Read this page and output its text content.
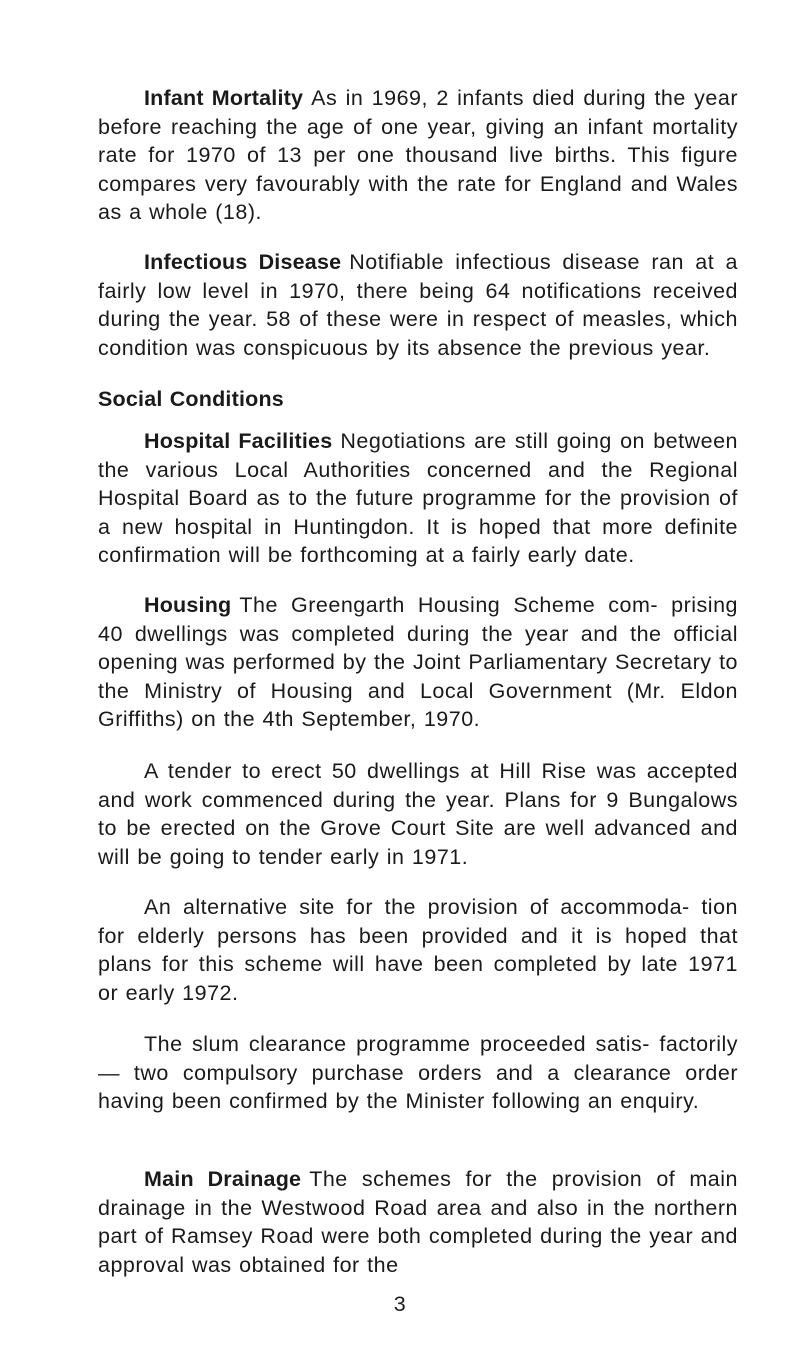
Infant Mortality As in 1969, 2 infants died during the year before reaching the age of one year, giving an infant mortality rate for 1970 of 13 per one thousand live births. This figure compares very favourably with the rate for England and Wales as a whole (18).

Infectious Disease Notifiable infectious disease ran at a fairly low level in 1970, there being 64 notifications received during the year. 58 of these were in respect of measles, which condition was conspicuous by its absence the previous year.

Social Conditions

Hospital Facilities Negotiations are still going on between the various Local Authorities concerned and the Regional Hospital Board as to the future programme for the provision of a new hospital in Huntingdon. It is hoped that more definite confirmation will be forthcoming at a fairly early date.

Housing The Greengarth Housing Scheme com- prising 40 dwellings was completed during the year and the official opening was performed by the Joint Parliamentary Secretary to the Ministry of Housing and Local Government (Mr. Eldon Griffiths) on the 4th September, 1970.

A tender to erect 50 dwellings at Hill Rise was accepted and work commenced during the year. Plans for 9 Bungalows to be erected on the Grove Court Site are well advanced and will be going to tender early in 1971.

An alternative site for the provision of accommoda- tion for elderly persons has been provided and it is hoped that plans for this scheme will have been completed by late 1971 or early 1972.

The slum clearance programme proceeded satis- factorily — two compulsory purchase orders and a clearance order having been confirmed by the Minister following an enquiry.

Main Drainage The schemes for the provision of main drainage in the Westwood Road area and also in the northern part of Ramsey Road were both completed during the year and approval was obtained for the

3
